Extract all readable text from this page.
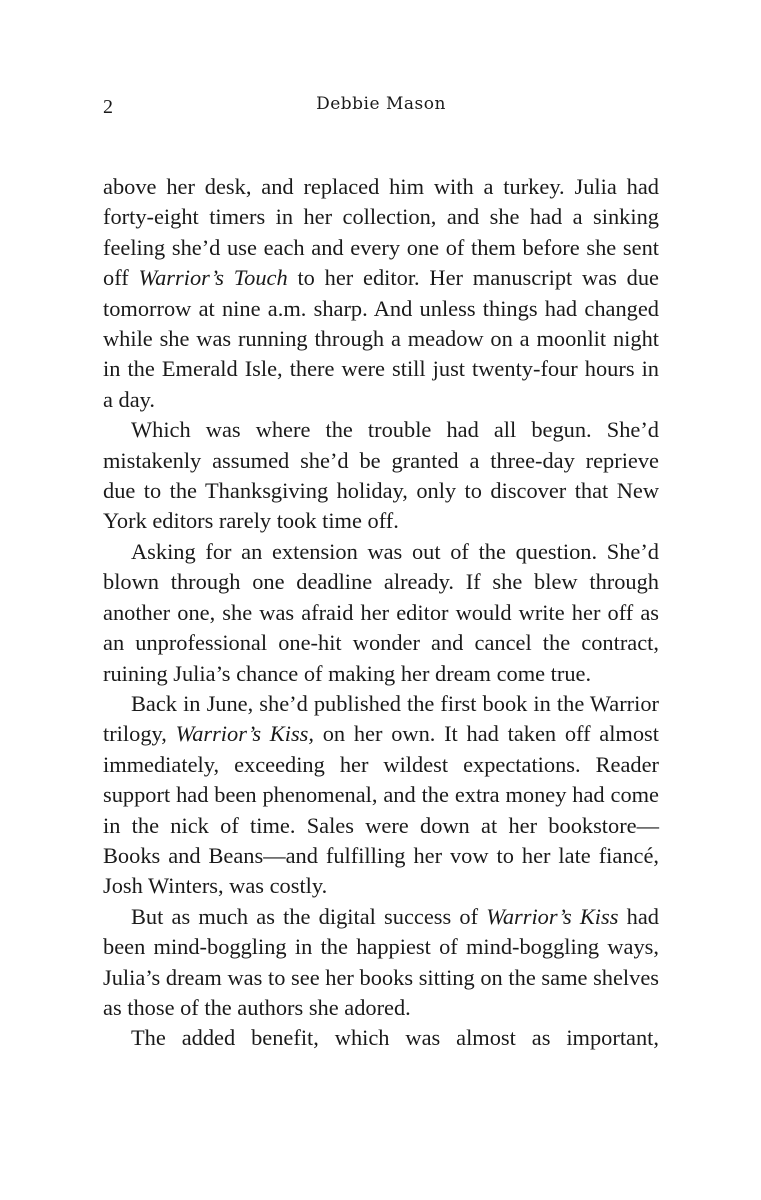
2	Debbie Mason

above her desk, and replaced him with a turkey. Julia had forty-eight timers in her collection, and she had a sinking feeling she’d use each and every one of them before she sent off Warrior’s Touch to her editor. Her manuscript was due tomorrow at nine a.m. sharp. And unless things had changed while she was running through a meadow on a moonlit night in the Emerald Isle, there were still just twenty-four hours in a day.

Which was where the trouble had all begun. She’d mistakenly assumed she’d be granted a three-day reprieve due to the Thanksgiving holiday, only to discover that New York editors rarely took time off.

Asking for an extension was out of the question. She’d blown through one deadline already. If she blew through another one, she was afraid her editor would write her off as an unprofessional one-hit wonder and cancel the contract, ruining Julia’s chance of making her dream come true.

Back in June, she’d published the first book in the Warrior trilogy, Warrior’s Kiss, on her own. It had taken off almost immediately, exceeding her wildest expectations. Reader support had been phenomenal, and the extra money had come in the nick of time. Sales were down at her bookstore—Books and Beans—and fulfilling her vow to her late fiancé, Josh Winters, was costly.

But as much as the digital success of Warrior’s Kiss had been mind-boggling in the happiest of mind-boggling ways, Julia’s dream was to see her books sitting on the same shelves as those of the authors she adored.

The added benefit, which was almost as important,
